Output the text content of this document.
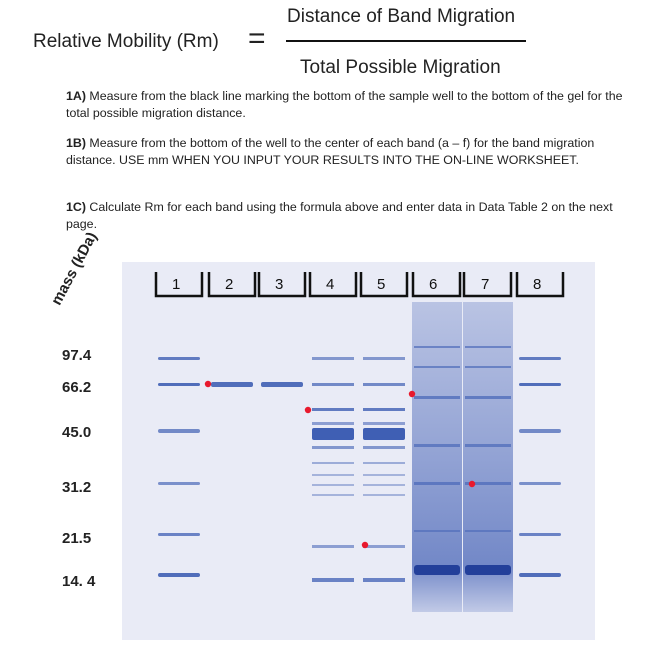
Relative Mobility (Rm) =
Distance of Band Migration
Total Possible Migration
1A) Measure from the black line marking the bottom of the sample well to the bottom of the gel for the total possible migration distance.
1B) Measure from the bottom of the well to the center of each band (a – f) for the band migration distance. USE mm WHEN YOU INPUT YOUR RESULTS INTO THE ON-LINE WORKSHEET.
1C) Calculate Rm for each band using the formula above and enter data in Data Table 2 on the next page.
mass (kDa)
97.4
66.2
45.0
31.2
21.5
14. 4
1	2	3	4	5	6	7	8
